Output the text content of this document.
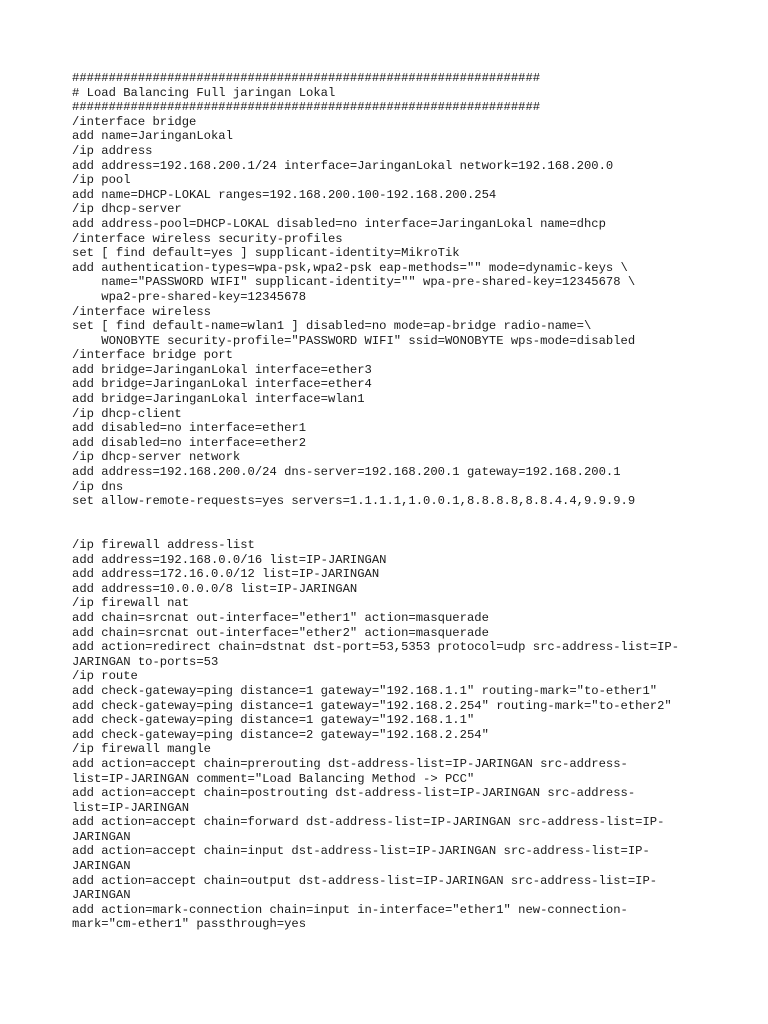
################################################################
# Load Balancing Full jaringan Lokal
################################################################
/interface bridge
add name=JaringanLokal
/ip address
add address=192.168.200.1/24 interface=JaringanLokal network=192.168.200.0
/ip pool
add name=DHCP-LOKAL ranges=192.168.200.100-192.168.200.254
/ip dhcp-server
add address-pool=DHCP-LOKAL disabled=no interface=JaringanLokal name=dhcp
/interface wireless security-profiles
set [ find default=yes ] supplicant-identity=MikroTik
add authentication-types=wpa-psk,wpa2-psk eap-methods="" mode=dynamic-keys \
name="PASSWORD WIFI" supplicant-identity="" wpa-pre-shared-key=12345678 \
wpa2-pre-shared-key=12345678
/interface wireless
set [ find default-name=wlan1 ] disabled=no mode=ap-bridge radio-name=\
WONOBYTE security-profile="PASSWORD WIFI" ssid=WONOBYTE wps-mode=disabled
/interface bridge port
add bridge=JaringanLokal interface=ether3
add bridge=JaringanLokal interface=ether4
add bridge=JaringanLokal interface=wlan1
/ip dhcp-client
add disabled=no interface=ether1
add disabled=no interface=ether2
/ip dhcp-server network
add address=192.168.200.0/24 dns-server=192.168.200.1 gateway=192.168.200.1
/ip dns
set allow-remote-requests=yes servers=1.1.1.1,1.0.0.1,8.8.8.8,8.8.4.4,9.9.9.9
/ip firewall address-list
add address=192.168.0.0/16 list=IP-JARINGAN
add address=172.16.0.0/12 list=IP-JARINGAN
add address=10.0.0.0/8 list=IP-JARINGAN
/ip firewall nat
add chain=srcnat out-interface="ether1" action=masquerade
add chain=srcnat out-interface="ether2" action=masquerade
add action=redirect chain=dstnat dst-port=53,5353 protocol=udp src-address-list=IP-
JARINGAN to-ports=53
/ip route
add check-gateway=ping distance=1 gateway="192.168.1.1" routing-mark="to-ether1"
add check-gateway=ping distance=1 gateway="192.168.2.254" routing-mark="to-ether2"
add check-gateway=ping distance=1 gateway="192.168.1.1"
add check-gateway=ping distance=2 gateway="192.168.2.254"
/ip firewall mangle
add action=accept chain=prerouting dst-address-list=IP-JARINGAN src-address-
list=IP-JARINGAN comment="Load Balancing Method -> PCC"
add action=accept chain=postrouting dst-address-list=IP-JARINGAN src-address-
list=IP-JARINGAN
add action=accept chain=forward dst-address-list=IP-JARINGAN src-address-list=IP-
JARINGAN
add action=accept chain=input dst-address-list=IP-JARINGAN src-address-list=IP-
JARINGAN
add action=accept chain=output dst-address-list=IP-JARINGAN src-address-list=IP-
JARINGAN
add action=mark-connection chain=input in-interface="ether1" new-connection-
mark="cm-ether1" passthrough=yes
